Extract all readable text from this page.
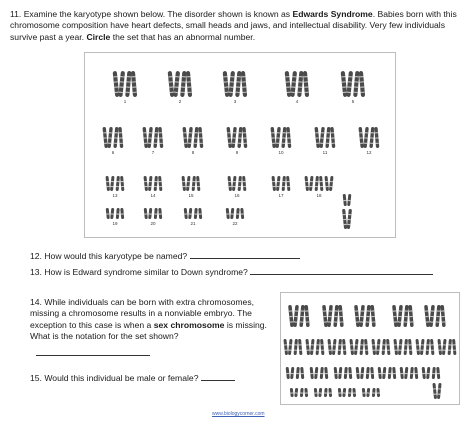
11. Examine the karyotype shown below. The disorder shown is known as Edwards Syndrome. Babies born with this chromosome composition have heart defects, small heads and jaws, and intellectual disability. Very few individuals survive past a year. Circle the set that has an abnormal number.
1	2	3	4	5
6	7	8	9	10	11	12
13	14	15	16	17	18
19	20	21	22
12. How would this karyotype be named?
13. How is Edward syndrome similar to Down syndrome?
14. While individuals can be born with extra chromosomes, missing a chromosome results in a nonviable embryo. The exception to this case is when a sex chromosome is missing. What is the notation for the set shown?
15. Would this individual be male or female?
www.biologycorner.com
